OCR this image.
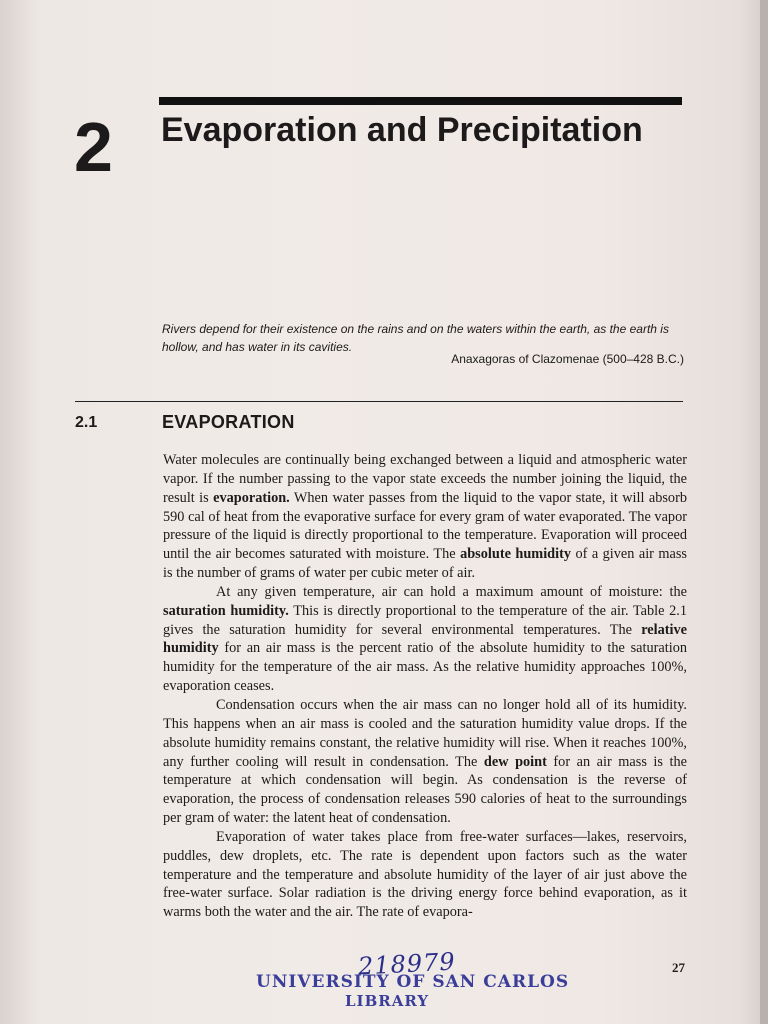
2 Evaporation and Precipitation
Rivers depend for their existence on the rains and on the waters within the earth, as the earth is hollow, and has water in its cavities.
Anaxagoras of Clazomenae (500–428 B.C.)
2.1	EVAPORATION

Water molecules are continually being exchanged between a liquid and atmospheric water vapor. If the number passing to the vapor state exceeds the number joining the liquid, the result is evaporation. When water passes from the liquid to the vapor state, it will absorb 590 cal of heat from the evaporative surface for every gram of water evaporated. The vapor pressure of the liquid is directly proportional to the temperature. Evaporation will proceed until the air becomes saturated with moisture. The absolute humidity of a given air mass is the number of grams of water per cubic meter of air.

At any given temperature, air can hold a maximum amount of moisture: the saturation humidity. This is directly proportional to the temperature of the air. Table 2.1 gives the saturation humidity for several environmental temperatures. The relative humidity for an air mass is the percent ratio of the absolute humidity to the saturation humidity for the temperature of the air mass. As the relative humidity approaches 100%, evaporation ceases.

Condensation occurs when the air mass can no longer hold all of its humidity. This happens when an air mass is cooled and the saturation humidity value drops. If the absolute humidity remains constant, the relative humidity will rise. When it reaches 100%, any further cooling will result in condensation. The dew point for an air mass is the temperature at which condensation will begin. As condensation is the reverse of evaporation, the process of condensation releases 590 calories of heat to the surroundings per gram of water: the latent heat of condensation.

Evaporation of water takes place from free-water surfaces—lakes, reservoirs, puddles, dew droplets, etc. The rate is dependent upon factors such as the water temperature and the temperature and absolute humidity of the layer of air just above the free-water surface. Solar radiation is the driving energy force behind evaporation, as it warms both the water and the air. The rate of evapora-

27
218979
UNIVERSITY OF SAN CARLOS
LIBRARY
